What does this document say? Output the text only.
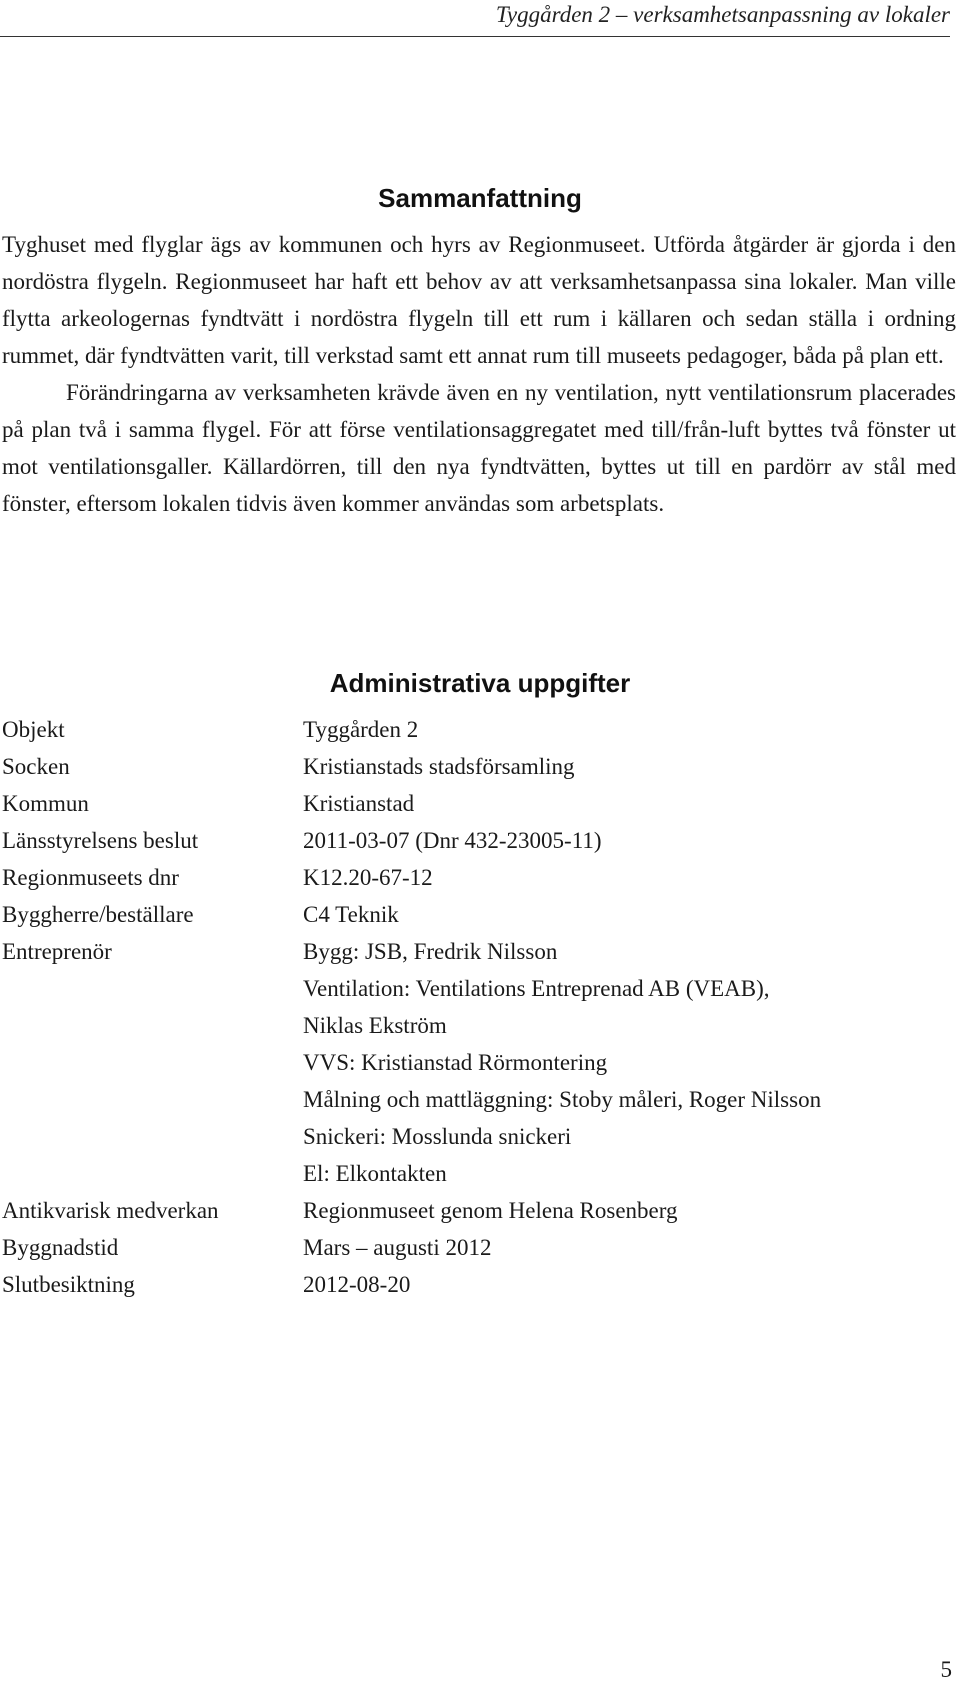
Tyggården 2 – verksamhetsanpassning av lokaler
Sammanfattning

Tyghuset med flyglar ägs av kommunen och hyrs av Regionmuseet. Utförda åtgärder är gjorda i den nordöstra flygeln. Regionmuseet har haft ett behov av att verksamhetsanpassa sina lokaler. Man ville flytta arkeologernas fyndtvätt i nordöstra flygeln till ett rum i källaren och sedan ställa i ordning rummet, där fyndtvätten varit, till verkstad samt ett annat rum till museets pedagoger, båda på plan ett.

Förändringarna av verksamheten krävde även en ny ventilation, nytt ventilationsrum placerades på plan två i samma flygel. För att förse ventilationsaggregatet med till/från-luft byttes två fönster ut mot ventilationsgaller. Källardörren, till den nya fyndtvätten, byttes ut till en pardörr av stål med fönster, eftersom lokalen tidvis även kommer användas som arbetsplats.

Administrativa uppgifter
Objekt	Tyggården 2
Socken	Kristianstads stadsförsamling
Kommun	Kristianstad
Länsstyrelsens beslut	2011-03-07 (Dnr 432-23005-11)
Regionmuseets dnr	K12.20-67-12
Byggherre/beställare	C4 Teknik
Entreprenör	Bygg: JSB, Fredrik Nilsson
Ventilation: Ventilations Entreprenad AB (VEAB),
Niklas Ekström
VVS: Kristianstad Rörmontering
Målning och mattläggning: Stoby måleri, Roger Nilsson
Snickeri: Mosslunda snickeri
El: Elkontakten
Antikvarisk medverkan	Regionmuseet genom Helena Rosenberg
Byggnadstid	Mars – augusti 2012
Slutbesiktning	2012-08-20
5
